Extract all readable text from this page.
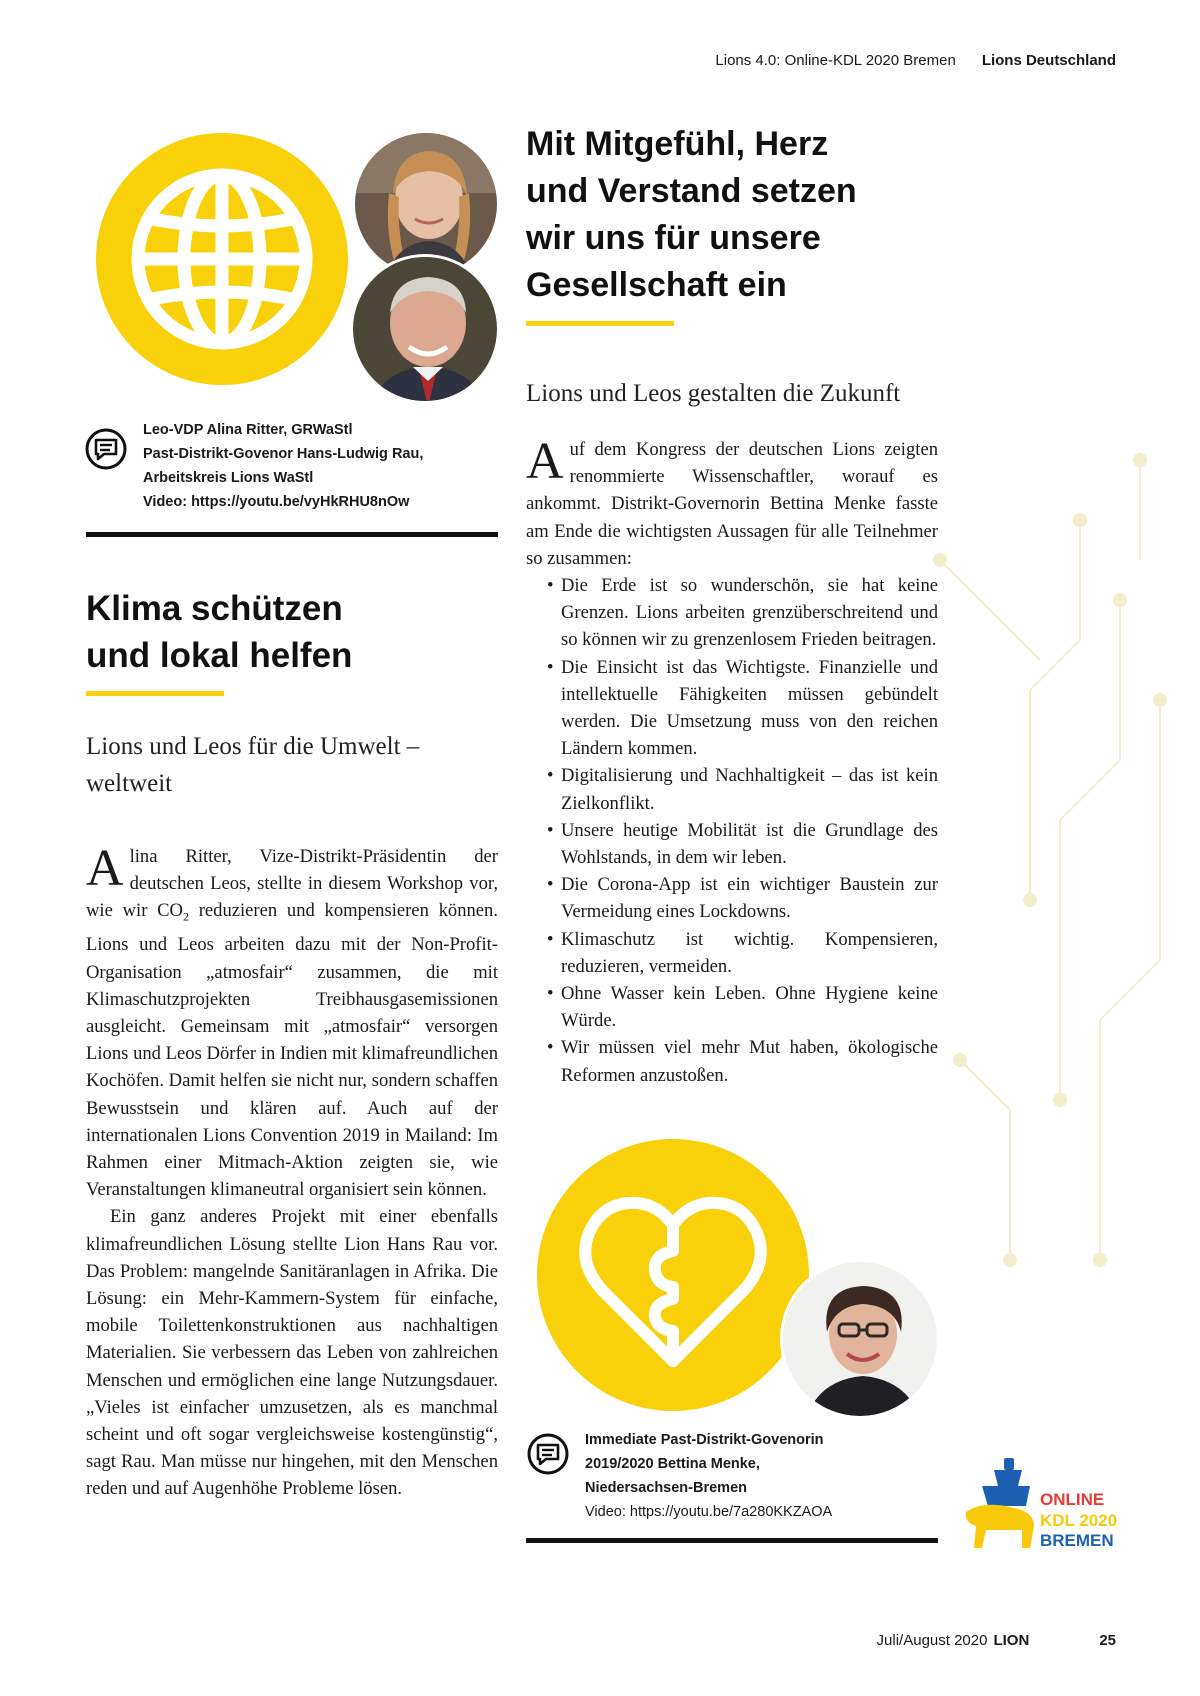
Lions 4.0: Online-KDL 2020 Bremen Lions Deutschland
Leo-VDP Alina Ritter, GRWaStl
Past-Distrikt-Govenor Hans-Ludwig Rau,
Arbeitskreis Lions WaStl
Video: https://youtu.be/vyHkRHU8nOw
Klima schützen
und lokal helfen
Lions und Leos für die Umwelt –
weltweit

Alina Ritter, Vize-Distrikt-Präsidentin der deutschen Leos, stellte in diesem Workshop vor, wie wir $CO_2$ reduzieren und kompensieren können. Lions und Leos arbeiten dazu mit der Non-Profit-Organisation „atmosfair“ zusammen, die mit Klimaschutzprojekten Treibhausgasemissionen ausgleicht. Gemeinsam mit „atmosfair“ versorgen Lions und Leos Dörfer in Indien mit klimafreundlichen Kochöfen. Damit helfen sie nicht nur, sondern schaffen Bewusstsein und klären auf. Auch auf der internationalen Lions Convention 2019 in Mailand: Im Rahmen einer Mitmach-Aktion zeigten sie, wie Veranstaltungen klimaneutral organisiert sein können.

Ein ganz anderes Projekt mit einer ebenfalls klimafreundlichen Lösung stellte Lion Hans Rau vor. Das Problem: mangelnde Sanitäranlagen in Afrika. Die Lösung: ein Mehr-Kammern-System für einfache, mobile Toilettenkonstruktionen aus nachhaltigen Materialien. Sie verbessern das Leben von zahlreichen Menschen und ermöglichen eine lange Nutzungsdauer. „Vieles ist einfacher umzusetzen, als es manchmal scheint und oft sogar vergleichsweise kostengünstig“, sagt Rau. Man müsse nur hingehen, mit den Menschen reden und auf Augenhöhe Probleme lösen.

Mit Mitgefühl, Herz
und Verstand setzen
wir uns für unsere
Gesellschaft ein
Lions und Leos gestalten die Zukunft

Auf dem Kongress der deutschen Lions zeigten renommierte Wissenschaftler, worauf es ankommt. Distrikt-Governorin Bettina Menke fasste am Ende die wichtigsten Aussagen für alle Teilnehmer so zusammen:

• Die Erde ist so wunderschön, sie hat keine Grenzen. Lions arbeiten grenzüberschreitend und so können wir zu grenzenlosem Frieden beitragen.
• Die Einsicht ist das Wichtigste. Finanzielle und intellektuelle Fähigkeiten müssen gebündelt werden. Die Umsetzung muss von den reichen Ländern kommen.
• Digitalisierung und Nachhaltigkeit – das ist kein Zielkonflikt.
• Unsere heutige Mobilität ist die Grundlage des Wohlstands, in dem wir leben.
• Die Corona-App ist ein wichtiger Baustein zur Vermeidung eines Lockdowns.
• Klimaschutz ist wichtig. Kompensieren, reduzieren, vermeiden.
• Ohne Wasser kein Leben. Ohne Hygiene keine Würde.
• Wir müssen viel mehr Mut haben, ökologische Reformen anzustoßen.
Immediate Past-Distrikt-Govenorin
2019/2020 Bettina Menke,
Niedersachsen-Bremen
Video: https://youtu.be/7a280KKZAOA
ONLINE
KDL 2020
BREMEN
Juli/August 2020 LION	25
